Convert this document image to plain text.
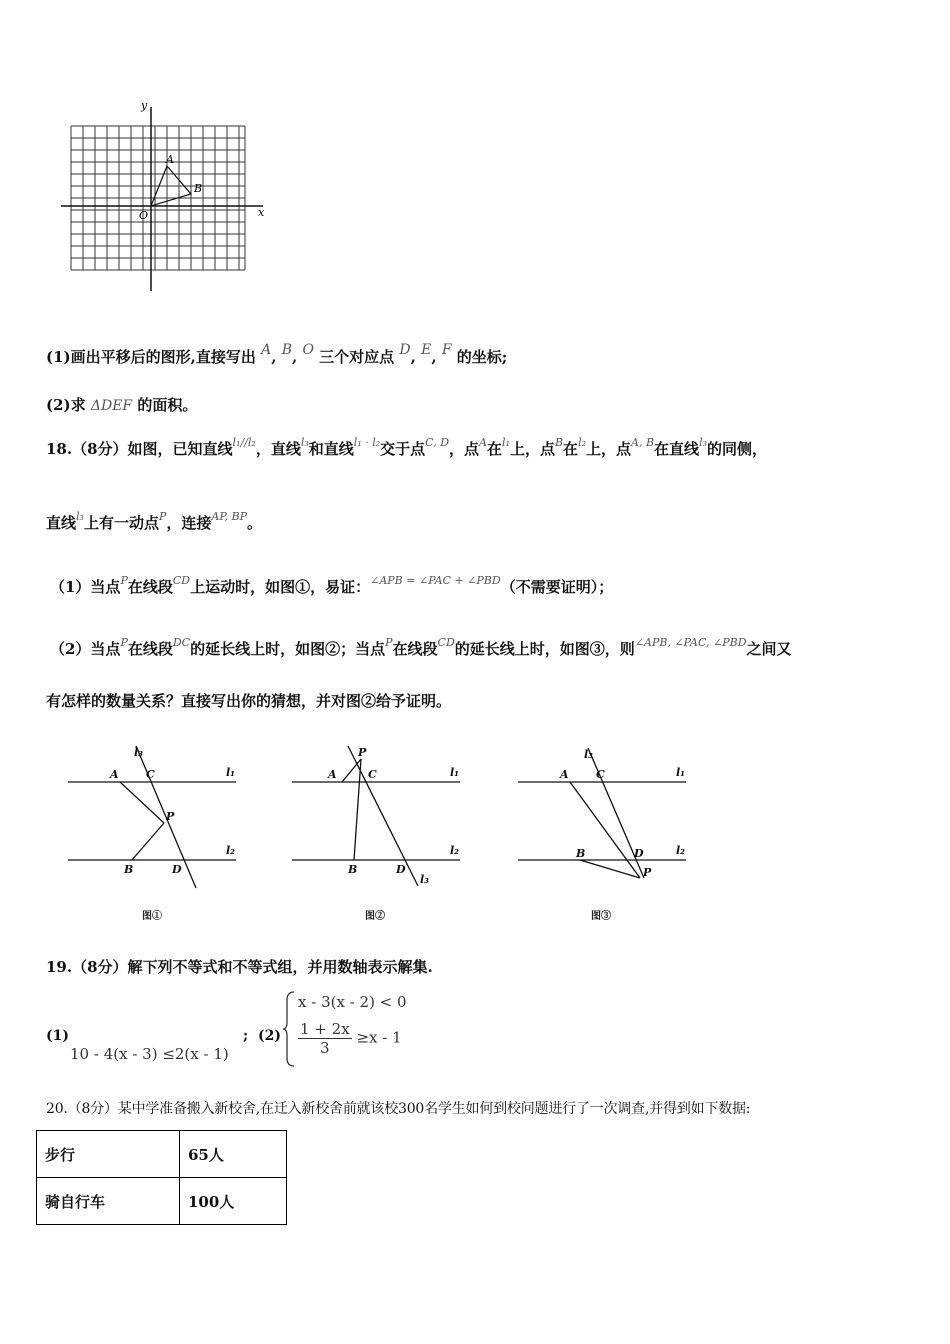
y
x
A
B
O
(1)画出平移后的图形,直接写出 A, B, O 三个对应点 D, E, F 的坐标;
(2)求 ΔDEF 的面积。
18.（8分）如图，已知直线$^{l_1//l_2}$，直线$^{l_3}$和直线$^{l_1 \cdot l_2}$交于点$^{C, D}$，点$^A$在$^{l_1}$上，点$^B$在$^{l_2}$上，点$^{A, B}$在直线$^{l_3}$的同侧，
直线$^{l_3}$上有一动点$^P$，连接$^{AP, BP}$。
（1）当点$^P$在线段$^{CD}$上运动时，如图①，易证：$^{\angle APB = \angle PAC + \angle PBD}$（不需要证明）；
（2）当点$^P$在线段$^{DC}$的延长线上时，如图②；当点$^P$在线段$^{CD}$的延长线上时，如图③，则$^{\angle APB, \angle PAC, \angle PBD}$之间又
有怎样的数量关系？直接写出你的猜想，并对图②给予证明。
l₃
A C	l₁
P
l₂
B	D
P
A	C	l₁
l₂
B	D
l₃
l₃
A C	l₁
B	D	l₂
P
图①	图②	图③
19.（8分）解下列不等式和不等式组，并用数轴表示解集.
(1)
10 - 4(x - 3) ≤2(x - 1)
; (2)
x - 3(x - 2) < 0
$\frac{1 + 2x}{3} \ge x - 1$
20.（8分）某中学准备搬入新校舍,在迁入新校舍前就该校300名学生如何到校问题进行了一次调查,并得到如下数据:
步行	65人
骑自行车	100人
